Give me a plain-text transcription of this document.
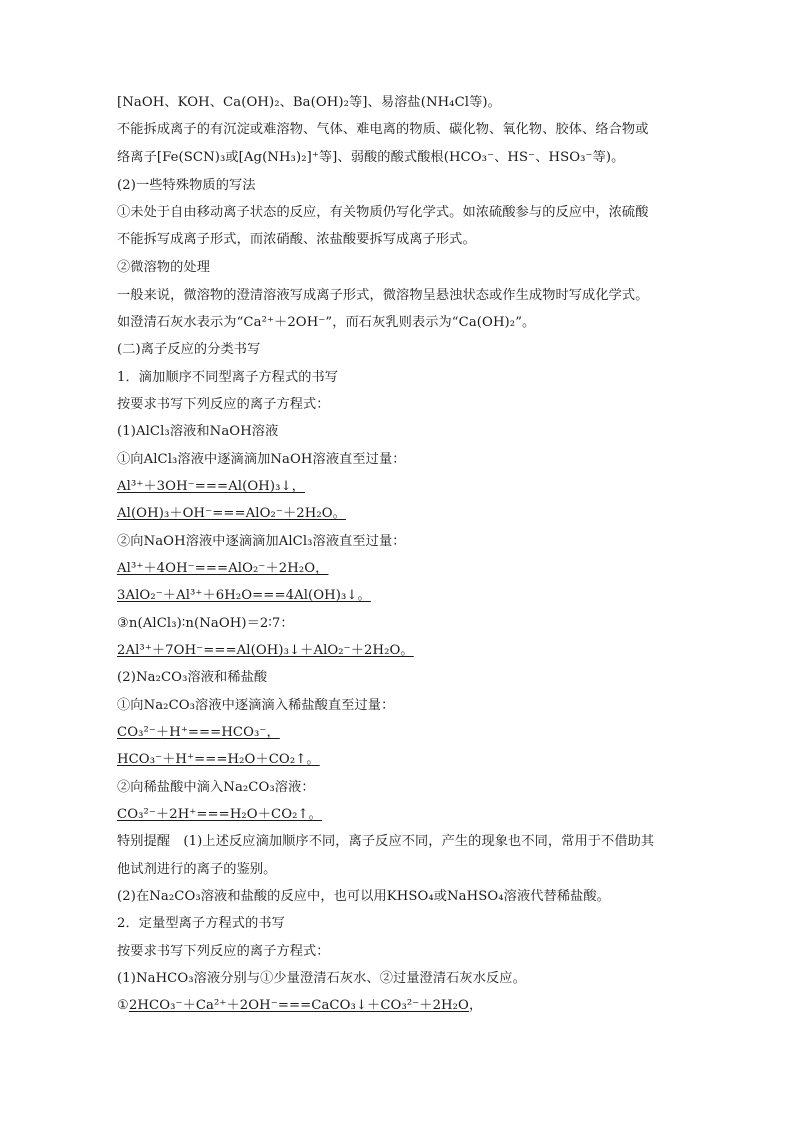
[NaOH、KOH、Ca(OH)₂、Ba(OH)₂等]、易溶盐(NH₄Cl等)。
不能拆成离子的有沉淀或难溶物、气体、难电离的物质、碳化物、氧化物、胶体、络合物或
络离子[Fe(SCN)₃或[Ag(NH₃)₂]⁺等]、弱酸的酸式酸根(HCO₃⁻、HS⁻、HSO₃⁻等)。
(2)一些特殊物质的写法
①未处于自由移动离子状态的反应，有关物质仍写化学式。如浓硫酸参与的反应中，浓硫酸
不能拆写成离子形式，而浓硝酸、浓盐酸要拆写成离子形式。
②微溶物的处理
一般来说，微溶物的澄清溶液写成离子形式，微溶物呈悬浊状态或作生成物时写成化学式。
如澄清石灰水表示为“Ca²⁺＋2OH⁻”，而石灰乳则表示为“Ca(OH)₂”。
(二)离子反应的分类书写
1．滴加顺序不同型离子方程式的书写
按要求书写下列反应的离子方程式：
(1)AlCl₃溶液和NaOH溶液
①向AlCl₃溶液中逐滴滴加NaOH溶液直至过量：
Al³⁺＋3OH⁻===Al(OH)₃↓，
Al(OH)₃＋OH⁻===AlO₂⁻＋2H₂O。
②向NaOH溶液中逐滴滴加AlCl₃溶液直至过量：
Al³⁺＋4OH⁻===AlO₂⁻＋2H₂O，
3AlO₂⁻＋Al³⁺＋6H₂O===4Al(OH)₃↓。
③n(AlCl₃)∶n(NaOH)＝2∶7：
2Al³⁺＋7OH⁻===Al(OH)₃↓＋AlO₂⁻＋2H₂O。
(2)Na₂CO₃溶液和稀盐酸
①向Na₂CO₃溶液中逐滴滴入稀盐酸直至过量：
CO₃²⁻＋H⁺===HCO₃⁻，
HCO₃⁻＋H⁺===H₂O＋CO₂↑。
②向稀盐酸中滴入Na₂CO₃溶液：
CO₃²⁻＋2H⁺===H₂O＋CO₂↑。
特别提醒　(1)上述反应滴加顺序不同，离子反应不同，产生的现象也不同，常用于不借助其
他试剂进行的离子的鉴别。
(2)在Na₂CO₃溶液和盐酸的反应中，也可以用KHSO₄或NaHSO₄溶液代替稀盐酸。
2．定量型离子方程式的书写
按要求书写下列反应的离子方程式：
(1)NaHCO₃溶液分别与①少量澄清石灰水、②过量澄清石灰水反应。
①2HCO₃⁻＋Ca²⁺＋2OH⁻===CaCO₃↓＋CO₃²⁻＋2H₂O，
